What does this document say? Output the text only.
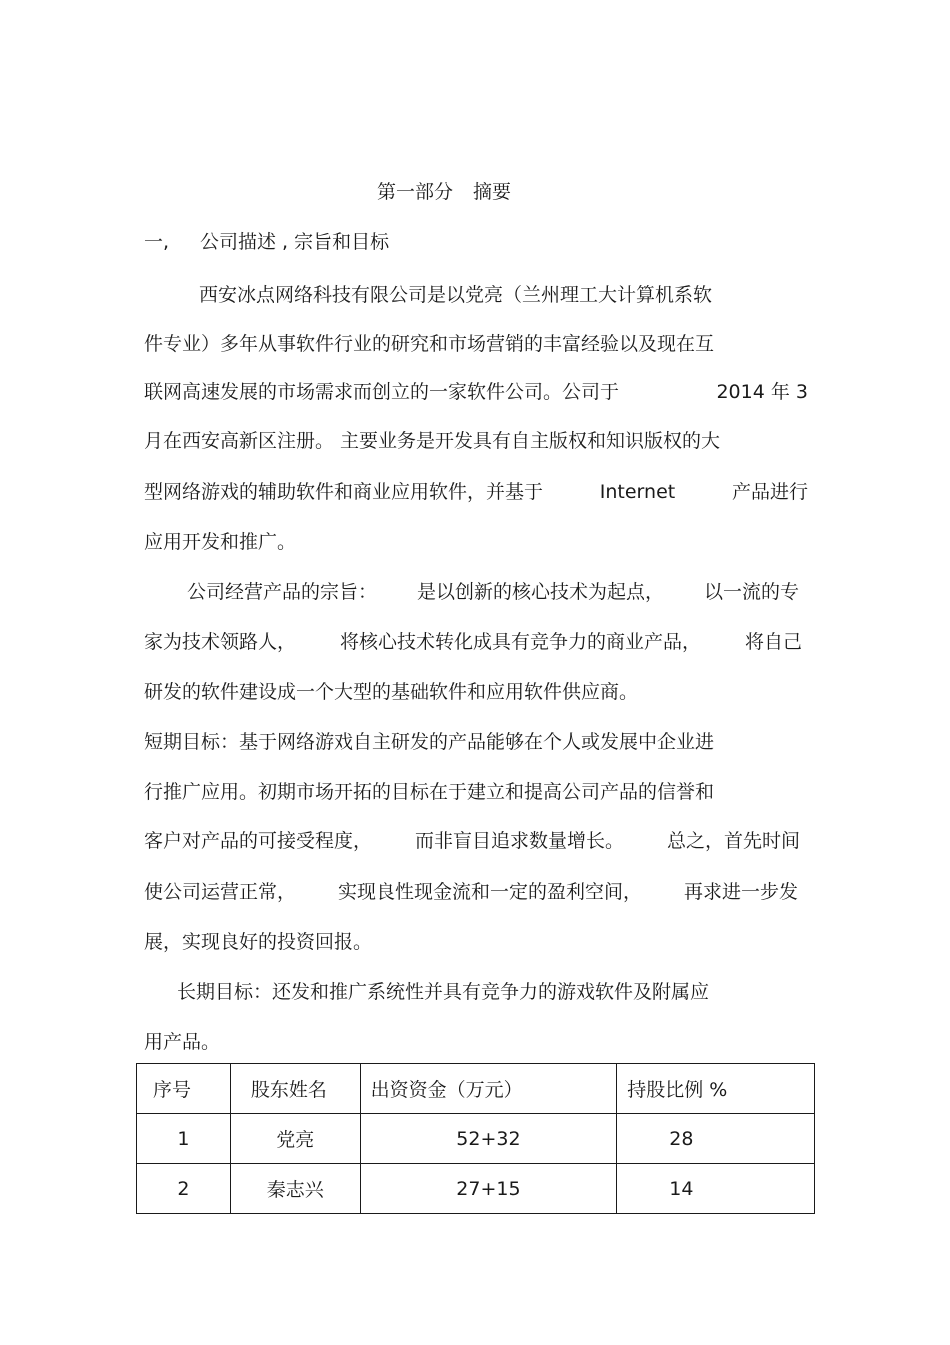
第一部分 摘要
一, 公司描述 , 宗旨和目标
西安冰点网络科技有限公司是以党亮（兰州理工大计算机系软
件专业）多年从事软件行业的研究和市场营销的丰富经验以及现在互
联网高速发展的市场需求而创立的一家软件公司。公司于	2014 年 3
月在西安高新区注册。 主要业务是开发具有自主版权和知识版权的大
型网络游戏的辅助软件和商业应用软件，并基于	Internet	产品进行
应用开发和推广。
公司经营产品的宗旨： 是以创新的核心技术为起点， 以一流的专
家为技术领路人， 将核心技术转化成具有竞争力的商业产品， 将自己
研发的软件建设成一个大型的基础软件和应用软件供应商。
短期目标：基于网络游戏自主研发的产品能够在个人或发展中企业进
行推广应用。初期市场开拓的目标在于建立和提高公司产品的信誉和
客户对产品的可接受程度， 而非盲目追求数量增长。 总之，首先时间
使公司运营正常， 实现良性现金流和一定的盈利空间， 再求进一步发
展，实现良好的投资回报。
长期目标：还发和推广系统性并具有竞争力的游戏软件及附属应
用产品。
序号	股东姓名	出资资金（万元）	持股比例 %
1	党亮	52+32	28
2	秦志兴	27+15	14
